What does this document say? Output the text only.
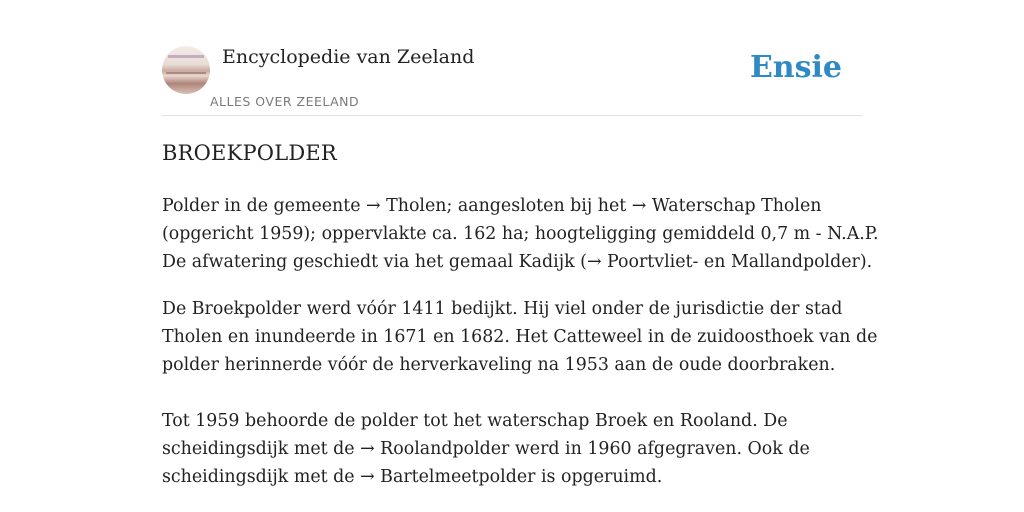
Encyclopedie van Zeeland
ALLES OVER ZEELAND
Ensie
BROEKPOLDER

Polder in de gemeente → Tholen; aangesloten bij het → Waterschap Tholen
(opgericht 1959); oppervlakte ca. 162 ha; hoogteligging gemiddeld 0,7 m - N.A.P.
De afwatering geschiedt via het gemaal Kadijk (→ Poortvliet- en Mallandpolder).

De Broekpolder werd vóór 1411 bedijkt. Hij viel onder de jurisdictie der stad
Tholen en inundeerde in 1671 en 1682. Het Catteweel in de zuidoosthoek van de
polder herinnerde vóór de herverkaveling na 1953 aan de oude doorbraken.

Tot 1959 behoorde de polder tot het waterschap Broek en Rooland. De
scheidingsdijk met de → Roolandpolder werd in 1960 afgegraven. Ook de
scheidingsdijk met de → Bartelmeetpolder is opgeruimd.
